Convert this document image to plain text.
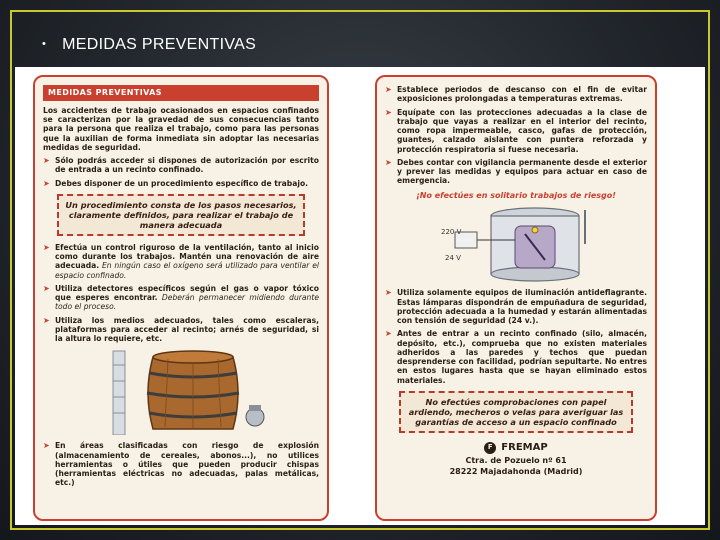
• MEDIDAS PREVENTIVAS
MEDIDAS PREVENTIVAS
Los accidentes de trabajo ocasionados en espacios confinados se caracterizan por la gravedad de sus consecuencias tanto para la persona que realiza el trabajo, como para las personas que la auxilian de forma inmediata sin adoptar las necesarias medidas de seguridad.
➤ Sólo podrás acceder si dispones de autorización por escrito de entrada a un recinto confinado.
➤ Debes disponer de un procedimiento específico de trabajo.
Un procedimiento consta de los pasos necesarios, claramente definidos, para realizar el trabajo de manera adecuada
➤ Efectúa un control riguroso de la ventilación, tanto al inicio como durante los trabajos. Mantén una renovación de aire adecuada. En ningún caso el oxígeno será utilizado para ventilar el espacio confinado.
➤ Utiliza detectores específicos según el gas o vapor tóxico que esperes encontrar. Deberán permanecer midiendo durante todo el proceso.
➤ Utiliza los medios adecuados, tales como escaleras, plataformas para acceder al recinto; arnés de seguridad, si la altura lo requiere, etc.
➤ En áreas clasificadas con riesgo de explosión (almacenamiento de cereales, abonos...), no utilices herramientas o útiles que pueden producir chispas (herramientas eléctricas no adecuadas, palas metálicas, etc.)
➤ Establece periodos de descanso con el fin de evitar exposiciones prolongadas a temperaturas extremas.
➤ Equípate con las protecciones adecuadas a la clase de trabajo que vayas a realizar en el interior del recinto, como ropa impermeable, casco, gafas de protección, guantes, calzado aislante con puntera reforzada y protección respiratoria si fuese necesaria.
➤ Debes contar con vigilancia permanente desde el exterior y prever las medidas y equipos para actuar en caso de emergencia.
¡No efectúes en solitario trabajos de riesgo!
220 V
24 V
➤ Utiliza solamente equipos de iluminación antideflagrante. Estas lámparas dispondrán de empuñadura de seguridad, protección adecuada a la humedad y estarán alimentadas con tensión de seguridad (24 v.).
➤ Antes de entrar a un recinto confinado (silo, almacén, depósito, etc.), comprueba que no existen materiales adheridos a las paredes y techos que puedan desprenderse con facilidad, podrían sepultarte. No entres en estos lugares hasta que se hayan eliminado estos materiales.
No efectúes comprobaciones con papel ardiendo, mecheros o velas para averiguar las garantías de acceso a un espacio confinado
F FREMAP
Ctra. de Pozuelo nº 61
28222 Majadahonda (Madrid)
